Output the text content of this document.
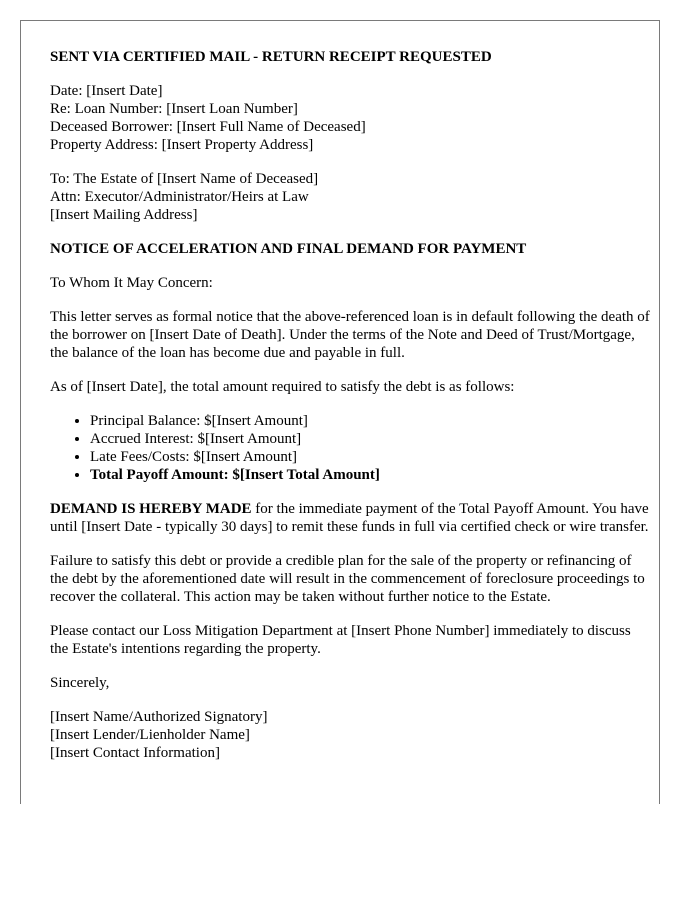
SENT VIA CERTIFIED MAIL - RETURN RECEIPT REQUESTED

Date: [Insert Date]
Re: Loan Number: [Insert Loan Number]
Deceased Borrower: [Insert Full Name of Deceased]
Property Address: [Insert Property Address]
To: The Estate of [Insert Name of Deceased]
Attn: Executor/Administrator/Heirs at Law
[Insert Mailing Address]

NOTICE OF ACCELERATION AND FINAL DEMAND FOR PAYMENT

To Whom It May Concern:

This letter serves as formal notice that the above-referenced loan is in default following the death of the borrower on [Insert Date of Death]. Under the terms of the Note and Deed of Trust/Mortgage, the balance of the loan has become due and payable in full.

As of [Insert Date], the total amount required to satisfy the debt is as follows:

• Principal Balance: $[Insert Amount]
• Accrued Interest: $[Insert Amount]
• Late Fees/Costs: $[Insert Amount]
• Total Payoff Amount: $[Insert Total Amount]

DEMAND IS HEREBY MADE for the immediate payment of the Total Payoff Amount. You have until [Insert Date - typically 30 days] to remit these funds in full via certified check or wire transfer.

Failure to satisfy this debt or provide a credible plan for the sale of the property or refinancing of the debt by the aforementioned date will result in the commencement of foreclosure proceedings to recover the collateral. This action may be taken without further notice to the Estate.

Please contact our Loss Mitigation Department at [Insert Phone Number] immediately to discuss the Estate's intentions regarding the property.

Sincerely,

[Insert Name/Authorized Signatory]
[Insert Lender/Lienholder Name]
[Insert Contact Information]
